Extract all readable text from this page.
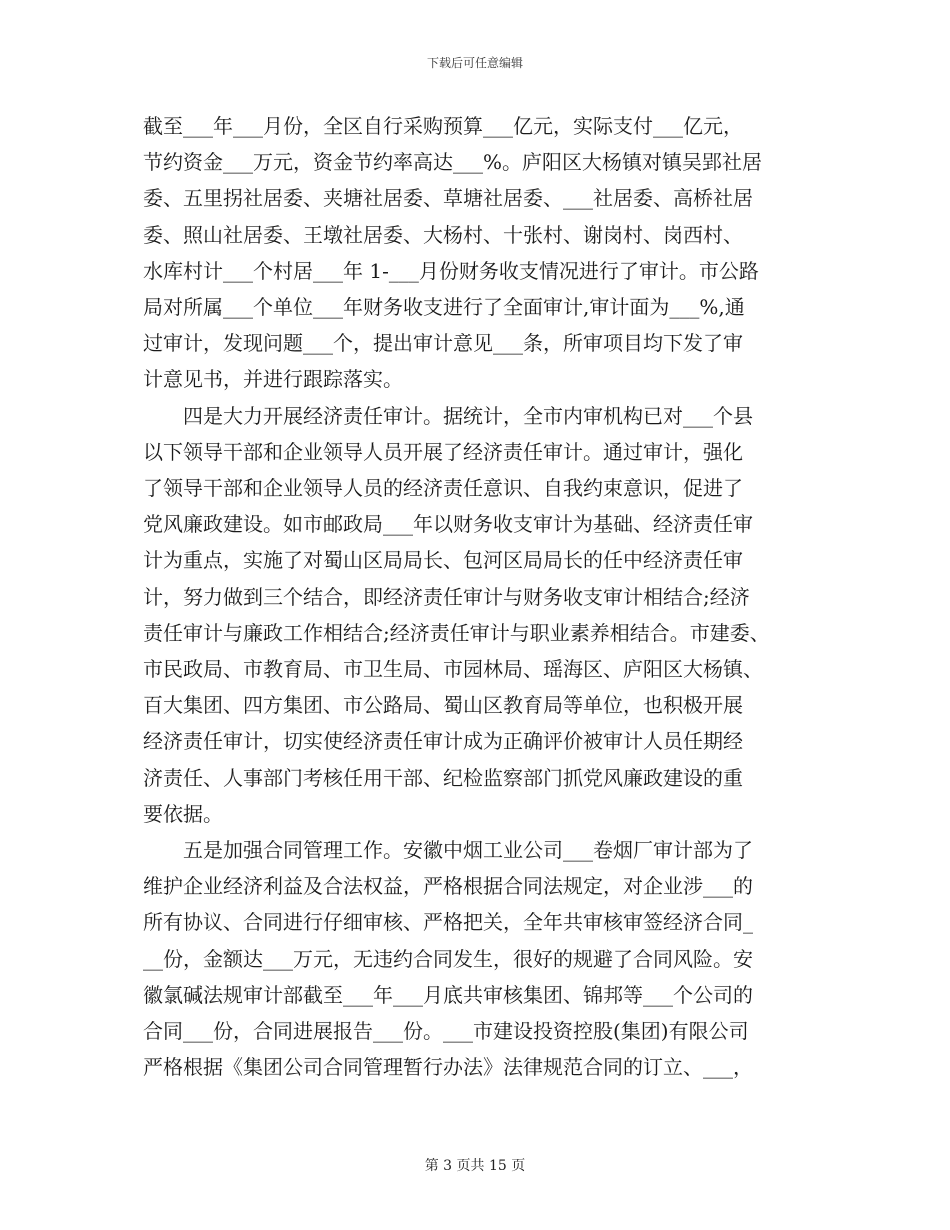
下载后可任意编辑
截至___年___月份，全区自行采购预算___亿元，实际支付___亿元，
节约资金___万元，资金节约率高达___%。庐阳区大杨镇对镇吴郢社居
委、五里拐社居委、夹塘社居委、草塘社居委、___社居委、高桥社居
委、照山社居委、王墩社居委、大杨村、十张村、谢岗村、岗西村、
水库村计___个村居___年 1-___月份财务收支情况进行了审计。市公路
局对所属___个单位___年财务收支进行了全面审计,审计面为___%,通
过审计，发现问题___个，提出审计意见___条，所审项目均下发了审
计意见书，并进行跟踪落实。
　　四是大力开展经济责任审计。据统计，全市内审机构已对___个县
以下领导干部和企业领导人员开展了经济责任审计。通过审计，强化
了领导干部和企业领导人员的经济责任意识、自我约束意识，促进了
党风廉政建设。如市邮政局___年以财务收支审计为基础、经济责任审
计为重点，实施了对蜀山区局局长、包河区局局长的任中经济责任审
计，努力做到三个结合，即经济责任审计与财务收支审计相结合;经济
责任审计与廉政工作相结合;经济责任审计与职业素养相结合。市建委、
市民政局、市教育局、市卫生局、市园林局、瑶海区、庐阳区大杨镇、
百大集团、四方集团、市公路局、蜀山区教育局等单位，也积极开展
经济责任审计，切实使经济责任审计成为正确评价被审计人员任期经
济责任、人事部门考核任用干部、纪检监察部门抓党风廉政建设的重
要依据。
　　五是加强合同管理工作。安徽中烟工业公司___卷烟厂审计部为了
维护企业经济利益及合法权益，严格根据合同法规定，对企业涉___的
所有协议、合同进行仔细审核、严格把关，全年共审核审签经济合同_
__份，金额达___万元，无违约合同发生，很好的规避了合同风险。安
徽氯碱法规审计部截至___年___月底共审核集团、锦邦等___个公司的
合同___份，合同进展报告___份。___市建设投资控股(集团)有限公司
严格根据《集团公司合同管理暂行办法》法律规范合同的订立、___，
第 3 页共 15 页
